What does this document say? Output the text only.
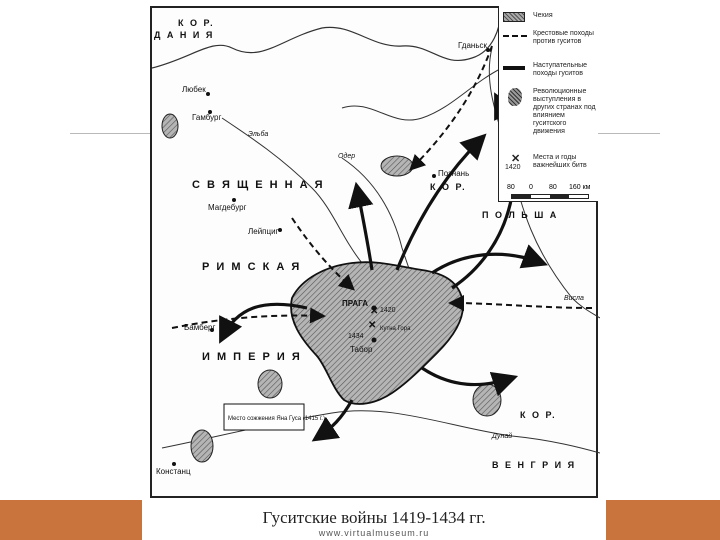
✕
✕
С В Я Щ Е Н Н А Я
Р И М С К А Я
И М П Е Р И Я
К О Р.
П О Л Ь Ш А
К О Р.
В Е Н Г Р И Я
К О Р.
Д А Н И Я
Любек
Гамбург
Магдебург
Лейпциг
Бамберг
Констанц
Гданьск
Познань
ПРАГА
Табор
Кутна Гора
1420
1434
Эльба
Одер
Висла
Дунай
Место сожжения Яна Гуса (1415 г.)
Чехия
Крестовые походы против гуситов
Наступательные походы гуситов
Революционные выступления в других странах под влиянием гуситского движения
✕
1420
Места и годы важнейших битв
80 0 80 160 км
Гуситские войны 1419-1434 гг.
www.virtualmuseum.ru
